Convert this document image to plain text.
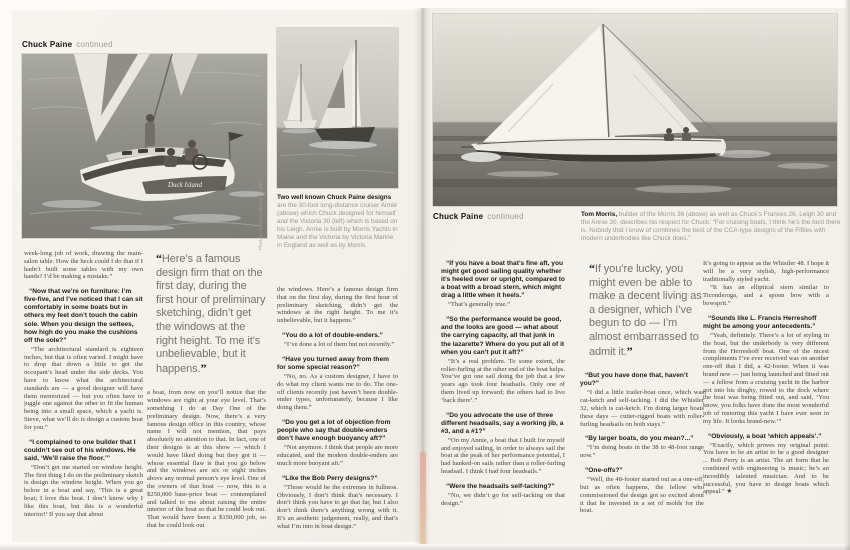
Chuck Paine continued
Duck Island	Photos courtesy Morris Yachts Two well known Chuck Paine designs are the 30-foot long-distance cruiser Annie (above) which Chuck designed for himself and the Victoria 30 (left) which is based on his Leigh. Annie is built by Morris Yachts in Maine and the Victoria by Victoria Marine in England as well as by Morris.
week-long job of work, drawing the main-salon table. How the heck could I do that if I hadn’t built some tables with my own hands? I’d be making a mistake.”
“Now that we’re on furniture: I’m five-five, and I’ve noticed that I can sit comfortably in some boats but in others my feet don’t touch the cabin sole. When you design the settees, how high do you make the cushions off the sole?”
“The architectural standard is eighteen inches, but that is often varied. I might have to drop that down a little to get the occupant’s head under the side decks. You have to know what the architectural standards are — a good designer will have them memorized — but you often have to juggle one against the other to fit the human being into a small space, which a yacht is. Steve, what we’ll do is design a custom boat for you.”
“I complained to one builder that I couldn’t see out of his windows. He said, ‘We’ll raise the floor.’”
“Don’t get me started on window height. The first thing I do on the preliminary sketch is design the window height. When you go below in a boat and say, ‘This is a great boat; I love this boat. I don’t know why I like this boat, but this is a wonderful interior!’ If you say that about
“Here’s a famous design firm that on the first day, during the first hour of preliminary sketching, didn’t get the windows at the right height. To me it’s unbelievable, but it happens.”
a boat, from now on you’ll notice that the windows are right at your eye level. That’s something I do at Day One of the preliminary design. Now, there’s a very famous design office in this country, whose name I will not mention, that pays absolutely no attention to that. In fact, one of their designs is at this show — which I would have liked doing but they got it — whose essential flaw is that you go below and the windows are six or eight inches above any normal person’s eye level. One of the owners of that boat — now, this is a $250,000 base-price boat — contemplated and talked to me about raising the entire interior of the boat so that he could look out. That would have been a $150,000 job, so that he could look out
the windows. Here’s a famous design firm that on the first day, during the first hour of preliminary sketching, didn’t get the windows at the right height. To me it’s unbelievable, but it happens.”
“You do a lot of double-enders.”
“I’ve done a lot of them but not recently.”
“Have you turned away from them for some special reason?”
“No, no. As a custom designer, I have to do what my client wants me to do. The one-off clients recently just haven’t been double-ender types, unfortunately, because I like doing them.”
“Do you get a lot of objection from people who say that double-enders don’t have enough buoyancy aft?”
“Not anymore. I think that people are more educated, and the modern double-enders are much more buoyant aft.”
“Like the Bob Perry designs?”
“Those would be the extremes in fullness. Obviously, I don’t think that’s necessary. I don’t think you have to go that far, but I also don’t think there’s anything wrong with it. It’s an aesthetic judgement, really, and that’s what I’m into in boat design.”
Chuck Paine continued	Tom Morris, builder of the Morris 36 (above) as well as Chuck’s Frances 26, Leigh 30 and the Annie 30, describes his respect for Chuck: “For cruising boats, I think he’s the best there is. Nobody that I know of combines the best of the CCA-type designs of the Fifties with modern underbodies like Chuck does.”
“If you have a boat that’s fine aft, you might get good sailing quality whether it’s heeled over or upright, compared to a boat with a broad stern, which might drag a little when it heels.”
“That’s generally true.”
“So the performance would be good, and the looks are good — what about the carrying capacity, all that junk in the lazarette? Where do you put all of it when you can’t put it aft?”
“It’s a real problem. To some extent, the roller-furling at the other end of the boat helps. You’ve got one sail doing the job that a few years ago took four headsails. Only one of them lived up forward; the others had to live ‘back there’.”
“Do you advocate the use of three different headsails, say a working jib, a #3, and a #1?”
“On my Annie, a boat that I built for myself and enjoyed sailing, in order to always sail the boat at the peak of her performance potential, I had hanked-on sails rather than a roller-furling headsail. I think I had four headsails.”
“Were the headsails self-tacking?”
“No, we didn’t go for self-tacking on that design.”
“If you’re lucky, you might even be able to make a decent living as a designer, which I’ve begun to do — I’m almost embarrassed to admit it.”
“But you have done that, haven’t you?”
“I did a little trailer-boat once, which was cat-ketch and self-tacking. I did the Whistler 32, which is cat-ketch. I’m doing larger boats these days — cutter-rigged boats with roller-furling headsails on both stays.”
“By larger boats, do you mean?...”
“I’m doing boats in the 38 to 48-foot range now.”
“One-offs?”
“Well, the 48-footer started out as a one-off, but as often happens, the fellow who commissioned the design got so excited about it that he invested in a set of molds for the boat.
It’s going to appear as the Whistler 48. I hope it will be a very stylish, high-performance traditionally styled yacht.
“It has an elliptical stern similar to Ticonderoga, and a spoon bow with a bowsprit.”
“Sounds like L. Francis Herreshoff might be among your antecedents.”
“Yeah, definitely. There’s a lot of styling in the boat, but the underbody is very different from the Herreshoff boat. One of the nicest compliments I’ve ever received was on another one-off that I did, a 42-footer. When it was brand new — just being launched and fitted out — a fellow from a cruising yacht in the harbor got into his dinghy, rowed to the dock where the boat was being fitted out, and said, ‘You know, you folks have done the most wonderful job of restoring this yacht I have ever seen in my life. It looks brand-new.’”
“Obviously, a boat ‘which appeals’.”
“Exactly, which proves my original point: You have to be an artist to be a good designer ... Bob Perry is an artist. The art form that he combined with engineering is music; he’s an incredibly talented musician. And to be successful, you have to design boats which appeal.” ★
